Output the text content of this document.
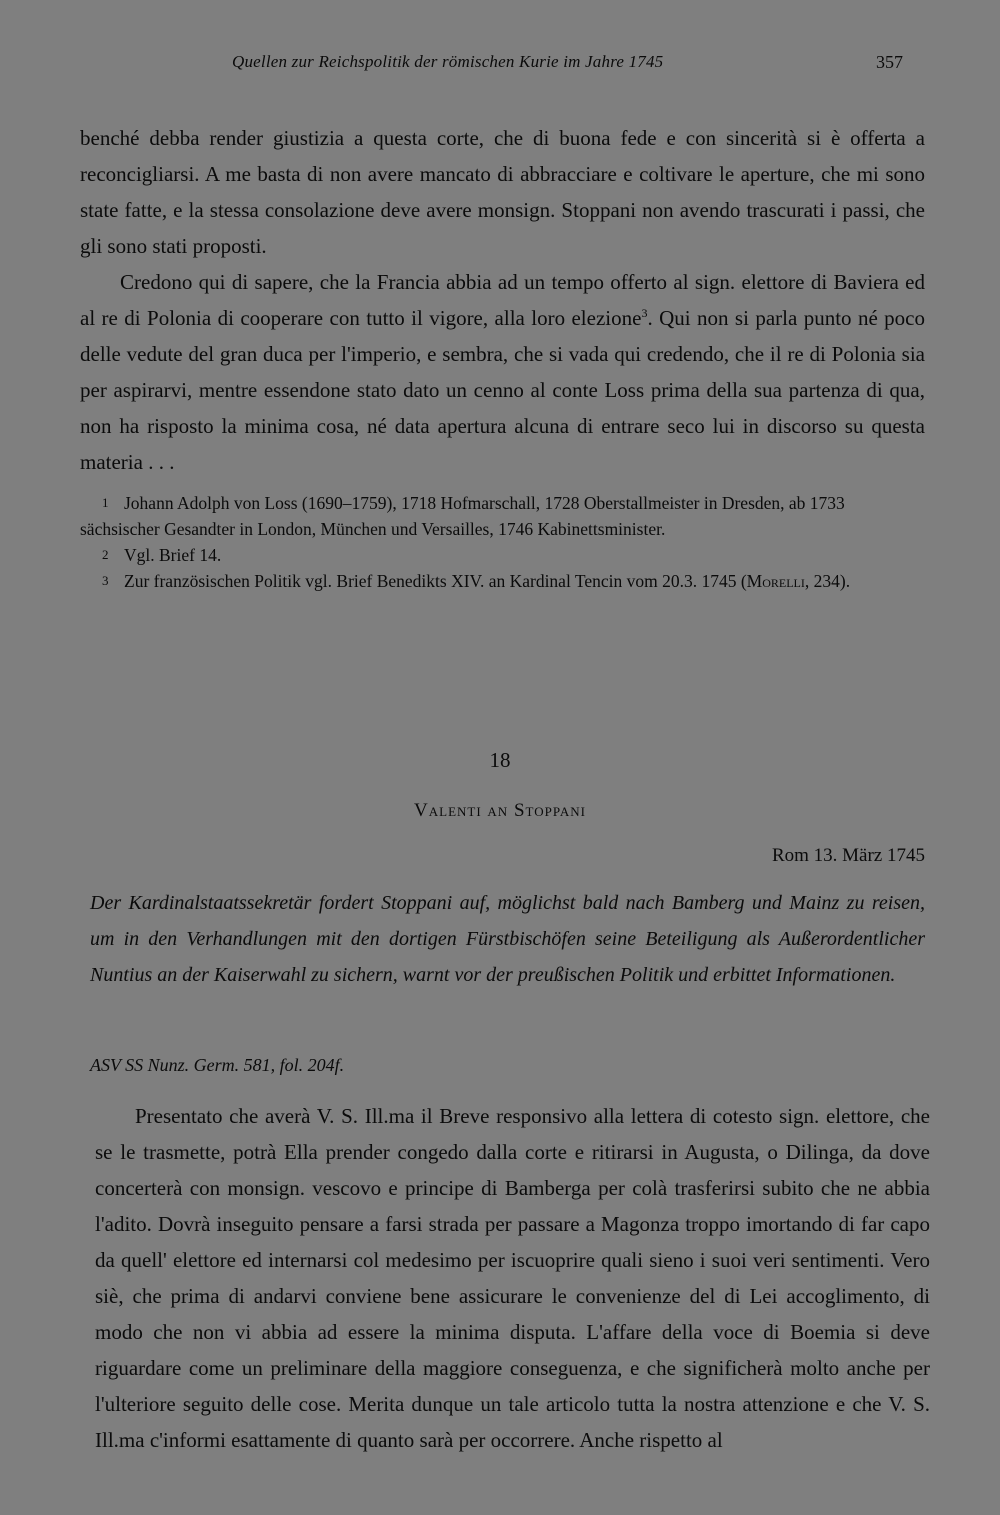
Quellen zur Reichspolitik der römischen Kurie im Jahre 1745	357

benché debba render giustizia a questa corte, che di buona fede e con sincerità si è offerta a reconcigliarsi. A me basta di non avere mancato di abbracciare e coltivare le aperture, che mi sono state fatte, e la stessa consolazione deve avere monsign. Stoppani non avendo trascurati i passi, che gli sono stati proposti.

Credono qui di sapere, che la Francia abbia ad un tempo offerto al sign. elettore di Baviera ed al re di Polonia di cooperare con tutto il vigore, alla loro elezione$^3$. Qui non si parla punto né poco delle vedute del gran duca per l'imperio, e sembra, che si vada qui credendo, che il re di Polonia sia per aspirarvi, mentre essendone stato dato un cenno al conte Loss prima della sua partenza di qua, non ha risposto la minima cosa, né data apertura alcuna di entrare seco lui in discorso su questa materia . . .

1 Johann Adolph von Loss (1690–1759), 1718 Hofmarschall, 1728 Oberstallmeister in Dresden, ab 1733 sächsischer Gesandter in London, München und Versailles, 1746 Kabinettsminister.

2 Vgl. Brief 14.

3 Zur französischen Politik vgl. Brief Benedikts XIV. an Kardinal Tencin vom 20.3. 1745 (Morelli, 234).

18
Valenti an Stoppani
Rom 13. März 1745
Der Kardinalstaatssekretär fordert Stoppani auf, möglichst bald nach Bamberg und Mainz zu reisen, um in den Verhandlungen mit den dortigen Fürstbischöfen seine Beteiligung als Außerordentlicher Nuntius an der Kaiserwahl zu sichern, warnt vor der preußischen Politik und erbittet Informationen.
ASV SS Nunz. Germ. 581, fol. 204f.

Presentato che averà V. S. Ill.ma il Breve responsivo alla lettera di cotesto sign. elettore, che se le trasmette, potrà Ella prender congedo dalla corte e ritirarsi in Augusta, o Dilinga, da dove concerterà con monsign. vescovo e principe di Bamberga per colà trasferirsi subito che ne abbia l'adito. Dovrà inseguito pensare a farsi strada per passare a Magonza troppo imortando di far capo da quell' elettore ed internarsi col medesimo per iscuoprire quali sieno i suoi veri sentimenti. Vero siè, che prima di andarvi conviene bene assicurare le convenienze del di Lei accoglimento, di modo che non vi abbia ad essere la minima disputa. L'affare della voce di Boemia si deve riguardare come un preliminare della maggiore conseguenza, e che significherà molto anche per l'ulteriore seguito delle cose. Merita dunque un tale articolo tutta la nostra attenzione e che V. S. Ill.ma c'informi esattamente di quanto sarà per occorrere. Anche rispetto al
